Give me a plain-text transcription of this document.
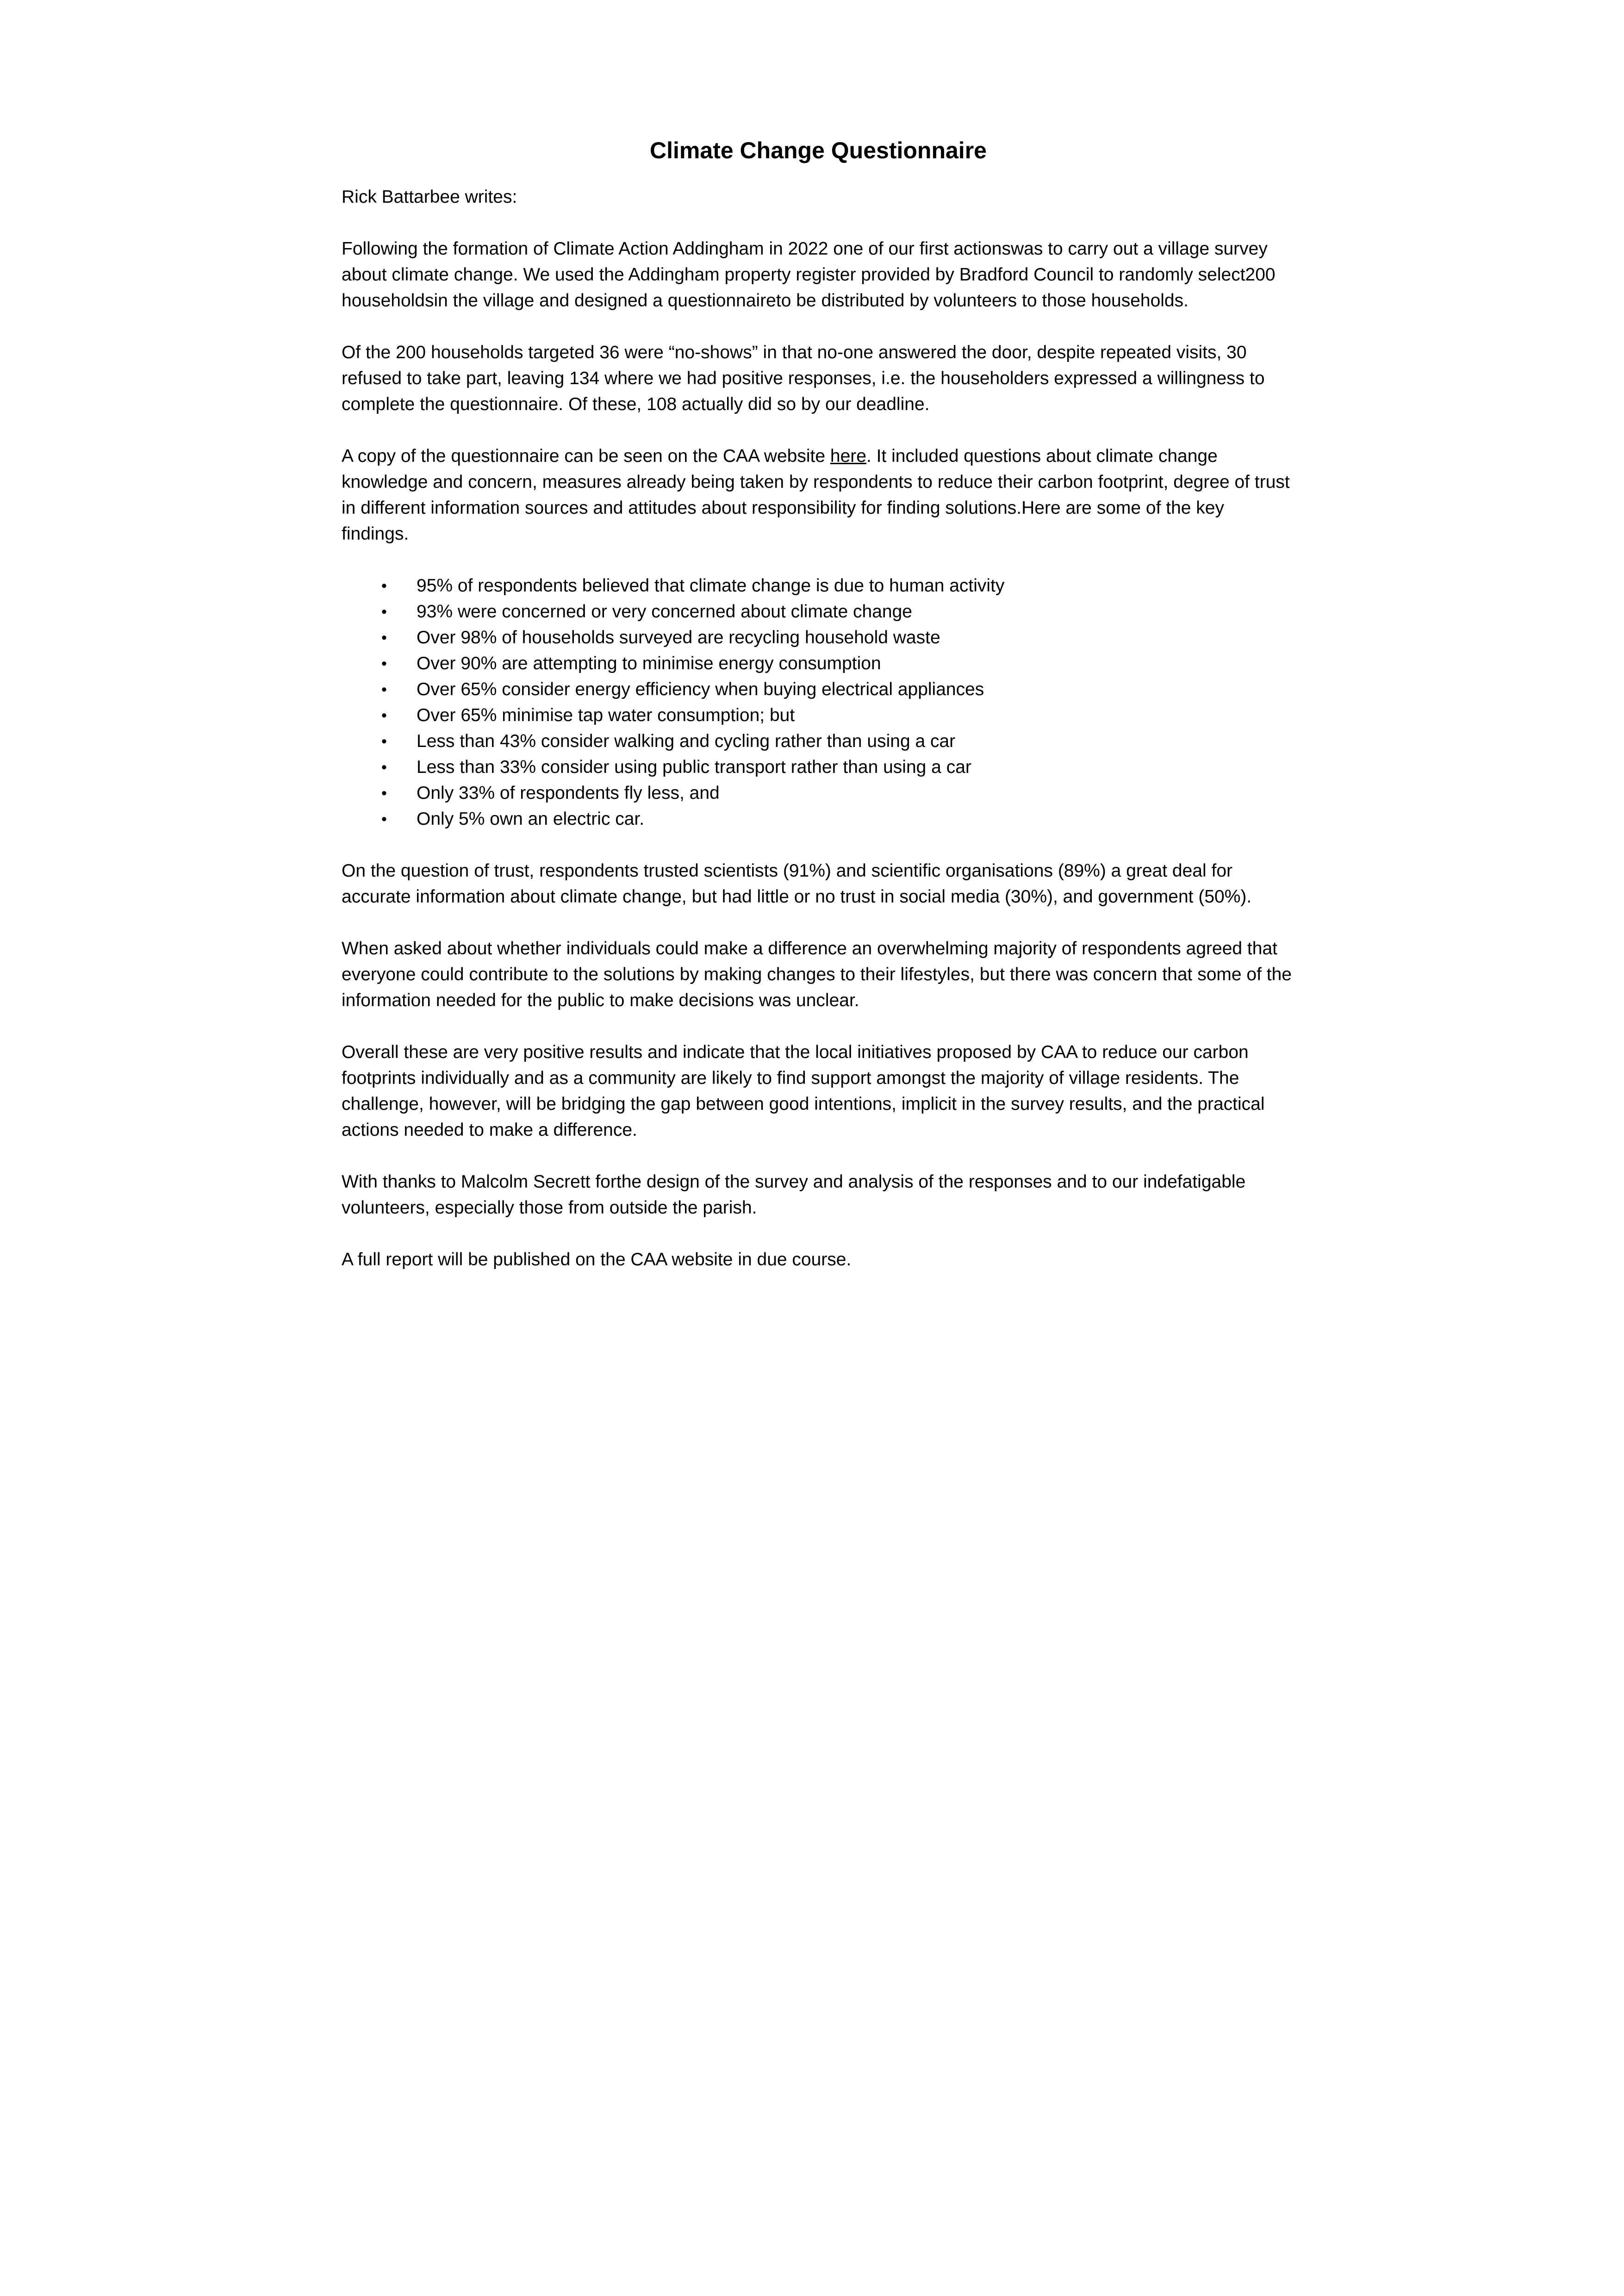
Climate Change Questionnaire

Rick Battarbee writes:

Following the formation of Climate Action Addingham in 2022 one of our first actionswas to carry out a village survey about climate change. We used the Addingham property register provided by Bradford Council to randomly select200 householdsin the village and designed a questionnaireto be distributed by volunteers to those households.

Of the 200 households targeted 36 were “no-shows” in that no-one answered the door, despite repeated visits, 30 refused to take part, leaving 134 where we had positive responses, i.e. the householders expressed a willingness to complete the questionnaire. Of these, 108 actually did so by our deadline.

A copy of the questionnaire can be seen on the CAA website here. It included questions about climate change knowledge and concern, measures already being taken by respondents to reduce their carbon footprint, degree of trust in different information sources and attitudes about responsibility for finding solutions.Here are some of the key findings.

• 95% of respondents believed that climate change is due to human activity
• 93% were concerned or very concerned about climate change
• Over 98% of households surveyed are recycling household waste
• Over 90% are attempting to minimise energy consumption
• Over 65% consider energy efficiency when buying electrical appliances
• Over 65% minimise tap water consumption; but
• Less than 43% consider walking and cycling rather than using a car
• Less than 33% consider using public transport rather than using a car
• Only 33% of respondents fly less, and
• Only 5% own an electric car.

On the question of trust, respondents trusted scientists (91%) and scientific organisations (89%) a great deal for accurate information about climate change, but had little or no trust in social media (30%), and government (50%).

When asked about whether individuals could make a difference an overwhelming majority of respondents agreed that everyone could contribute to the solutions by making changes to their lifestyles, but there was concern that some of the information needed for the public to make decisions was unclear.

Overall these are very positive results and indicate that the local initiatives proposed by CAA to reduce our carbon footprints individually and as a community are likely to find support amongst the majority of village residents. The challenge, however, will be bridging the gap between good intentions, implicit in the survey results, and the practical actions needed to make a difference.

With thanks to Malcolm Secrett forthe design of the survey and analysis of the responses and to our indefatigable volunteers, especially those from outside the parish.

A full report will be published on the CAA website in due course.
